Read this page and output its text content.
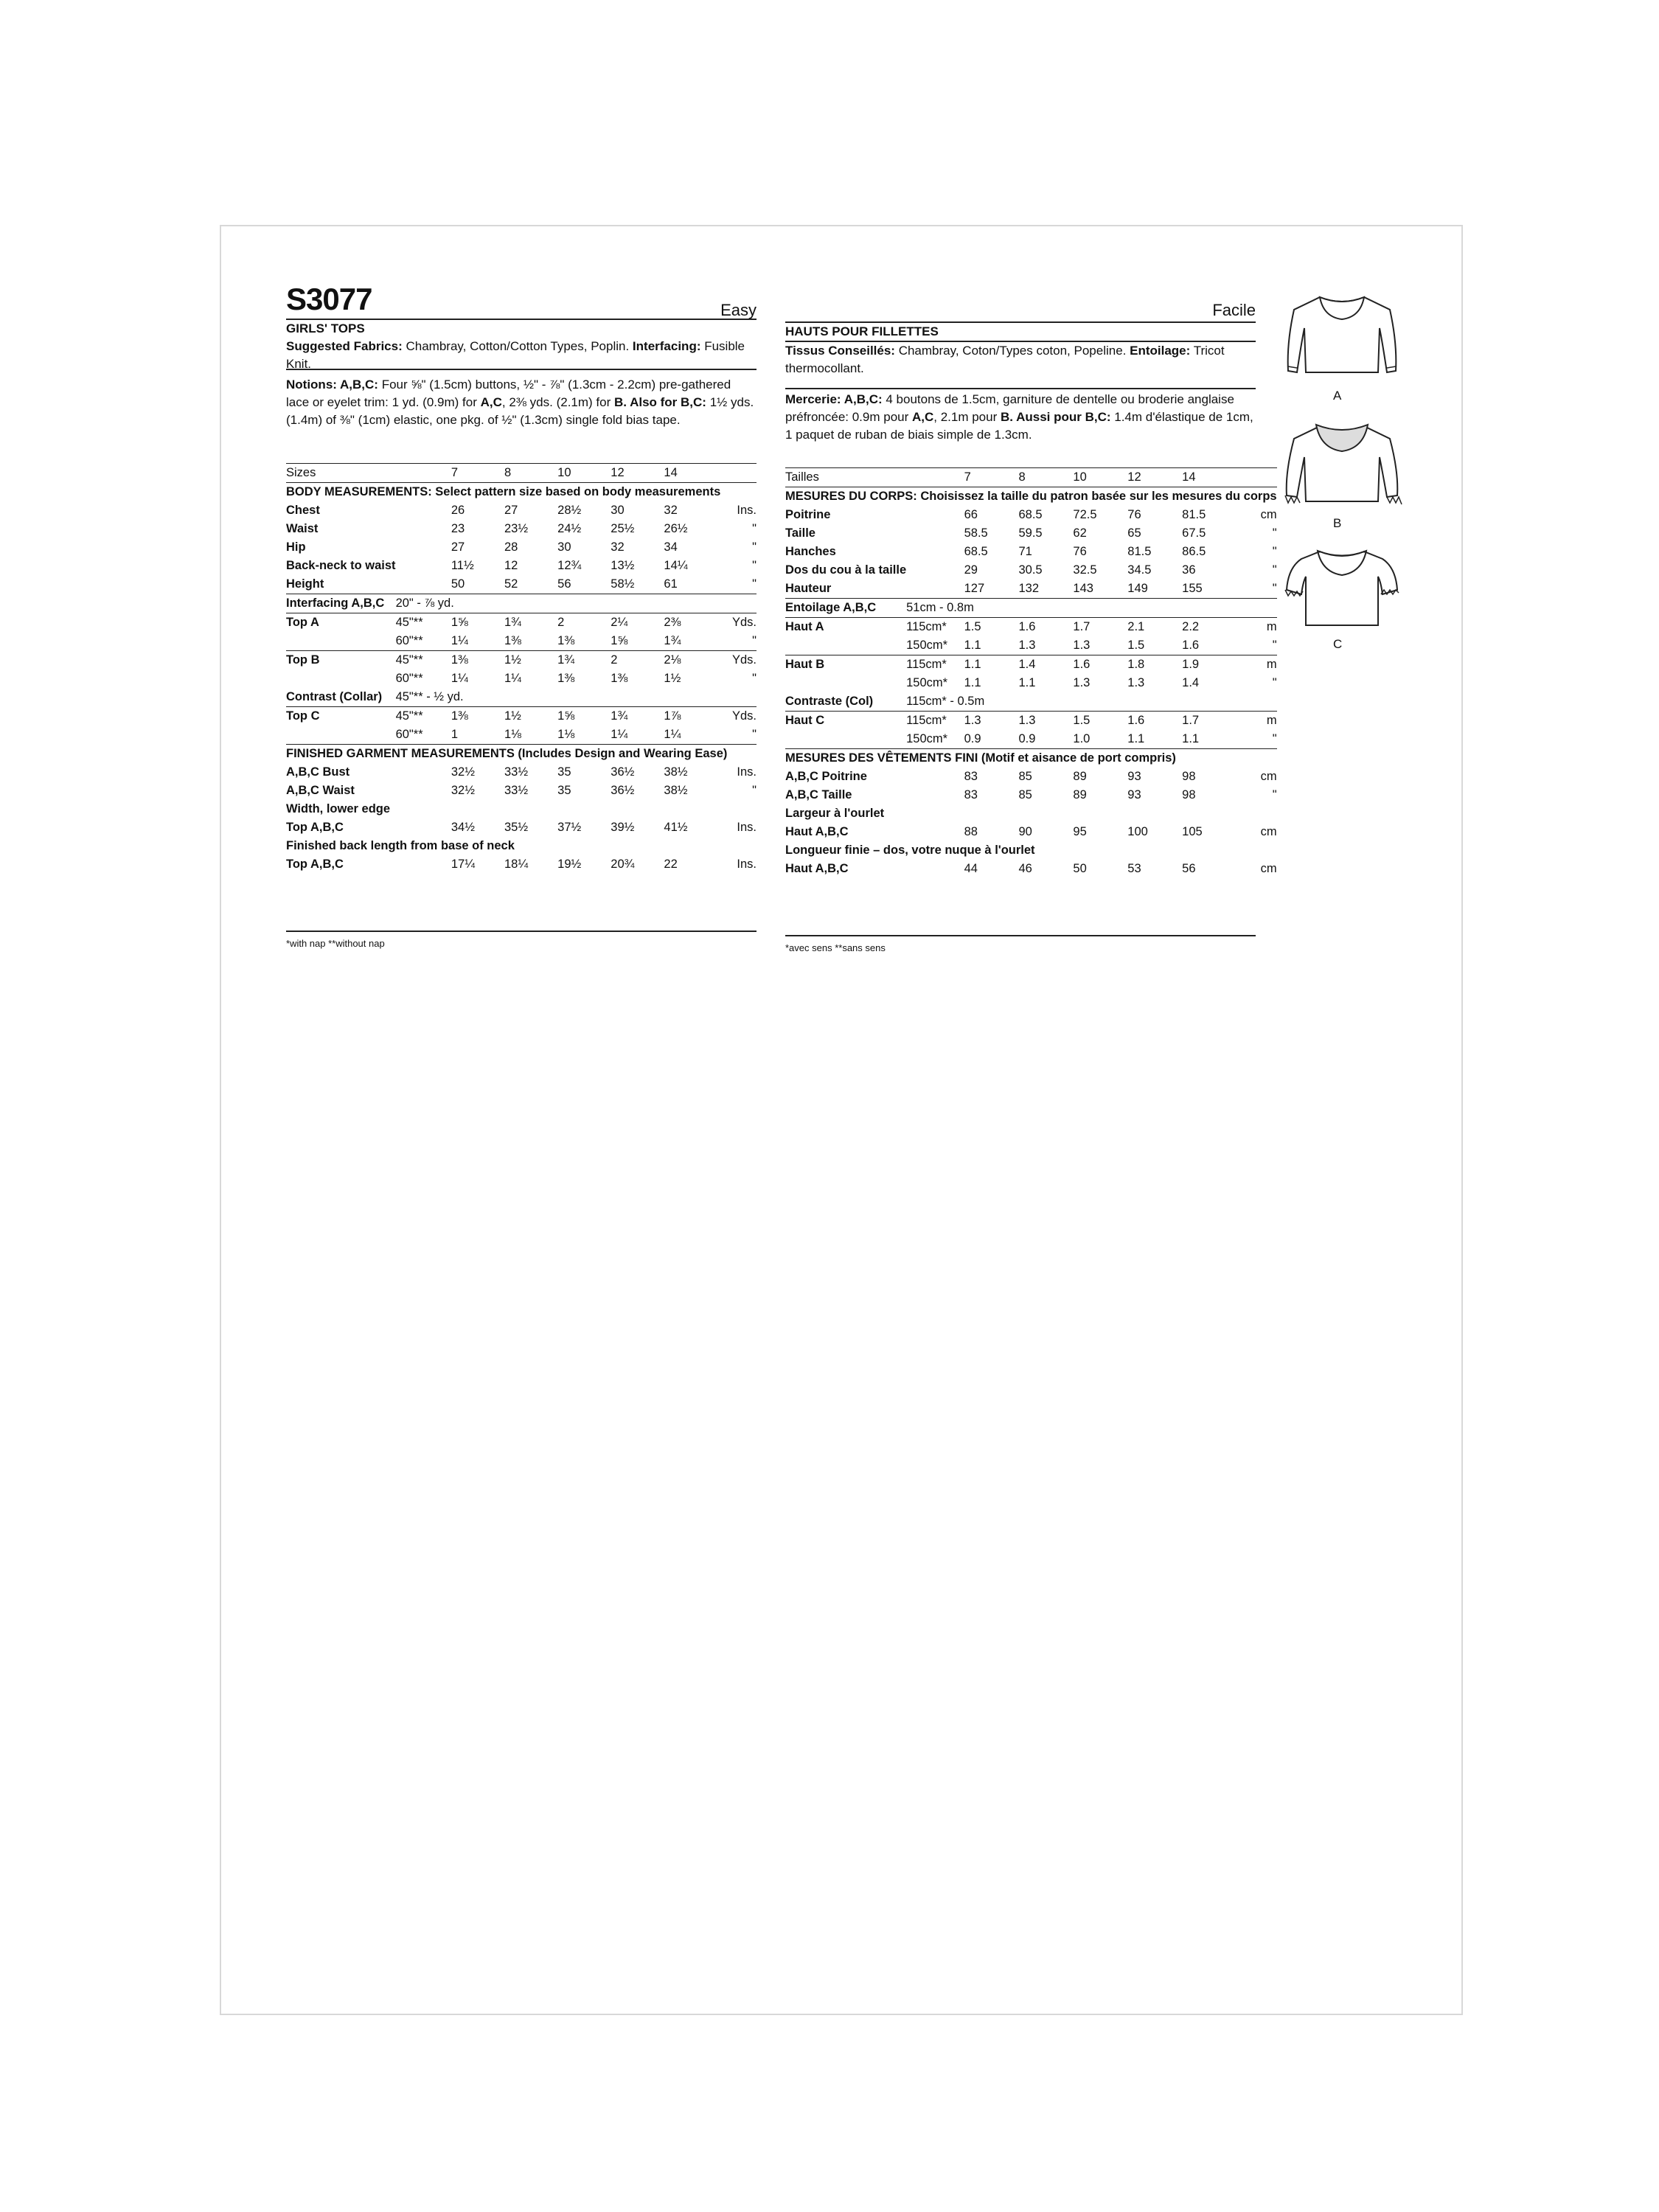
S3077	Easy
GIRLS' TOPS
Suggested Fabrics: Chambray, Cotton/Cotton Types, Poplin. Interfacing: Fusible Knit.
Notions: A,B,C: Four ⅝" (1.5cm) buttons, ½" - ⅞" (1.3cm - 2.2cm) pre-gathered lace or eyelet trim: 1 yd. (0.9m) for A,C, 2⅜ yds. (2.1m) for B. Also for B,C: 1½ yds. (1.4m) of ⅜" (1cm) elastic, one pkg. of ½" (1.3cm) single fold bias tape.
Sizes		7	8	10	12	14	
BODY MEASUREMENTS: Select pattern size based on body measurements							
Chest		26	27	28½	30	32	Ins.
Waist		23	23½	24½	25½	26½	"
Hip		27	28	30	32	34	"
Back-neck to waist		11½	12	12¾	13½	14¼	"
Height		50	52	56	58½	61	"
Interfacing A,B,C	20" - ⅞ yd.						
Top A	45"**	1⅝	1¾	2	2¼	2⅜	Yds.
	60"**	1¼	1⅜	1⅜	1⅝	1¾	"
Top B	45"**	1⅜	1½	1¾	2	2⅛	Yds.
	60"**	1¼	1¼	1⅜	1⅜	1½	"
Contrast (Collar)	45"** - ½ yd.						
Top C	45"**	1⅜	1½	1⅝	1¾	1⅞	Yds.
	60"**	1	1⅛	1⅛	1¼	1¼	"
FINISHED GARMENT MEASUREMENTS (Includes Design and Wearing Ease)							
A,B,C Bust		32½	33½	35	36½	38½	Ins.
A,B,C Waist		32½	33½	35	36½	38½	"
Width, lower edge							
Top A,B,C		34½	35½	37½	39½	41½	Ins.
Finished back length from base of neck							
Top A,B,C		17¼	18¼	19½	20¾	22	Ins.
*with nap **without nap
Facile
HAUTS POUR FILLETTES
Tissus Conseillés: Chambray, Coton/Types coton, Popeline. Entoilage: Tricot thermocollant.
Mercerie: A,B,C: 4 boutons de 1.5cm, garniture de dentelle ou broderie anglaise préfroncée: 0.9m pour A,C, 2.1m pour B. Aussi pour B,C: 1.4m d'élastique de 1cm, 1 paquet de ruban de biais simple de 1.3cm.
Tailles		7	8	10	12	14	
MESURES DU CORPS: Choisissez la taille du patron basée sur les mesures du corps							
Poitrine		66	68.5	72.5	76	81.5	cm
Taille		58.5	59.5	62	65	67.5	"
Hanches		68.5	71	76	81.5	86.5	"
Dos du cou à la taille		29	30.5	32.5	34.5	36	"
Hauteur		127	132	143	149	155	"
Entoilage A,B,C	51cm - 0.8m						
Haut A	115cm*	1.5	1.6	1.7	2.1	2.2	m
	150cm*	1.1	1.3	1.3	1.5	1.6	"
Haut B	115cm*	1.1	1.4	1.6	1.8	1.9	m
	150cm*	1.1	1.1	1.3	1.3	1.4	"
Contraste (Col)	115cm* - 0.5m						
Haut C	115cm*	1.3	1.3	1.5	1.6	1.7	m
	150cm*	0.9	0.9	1.0	1.1	1.1	"
MESURES DES VÊTEMENTS FINI (Motif et aisance de port compris)							
A,B,C Poitrine		83	85	89	93	98	cm
A,B,C Taille		83	85	89	93	98	"
Largeur à l'ourlet							
Haut A,B,C		88	90	95	100	105	cm
Longueur finie – dos, votre nuque à l'ourlet							
Haut A,B,C		44	46	50	53	56	cm
*avec sens **sans sens
A
B
C
